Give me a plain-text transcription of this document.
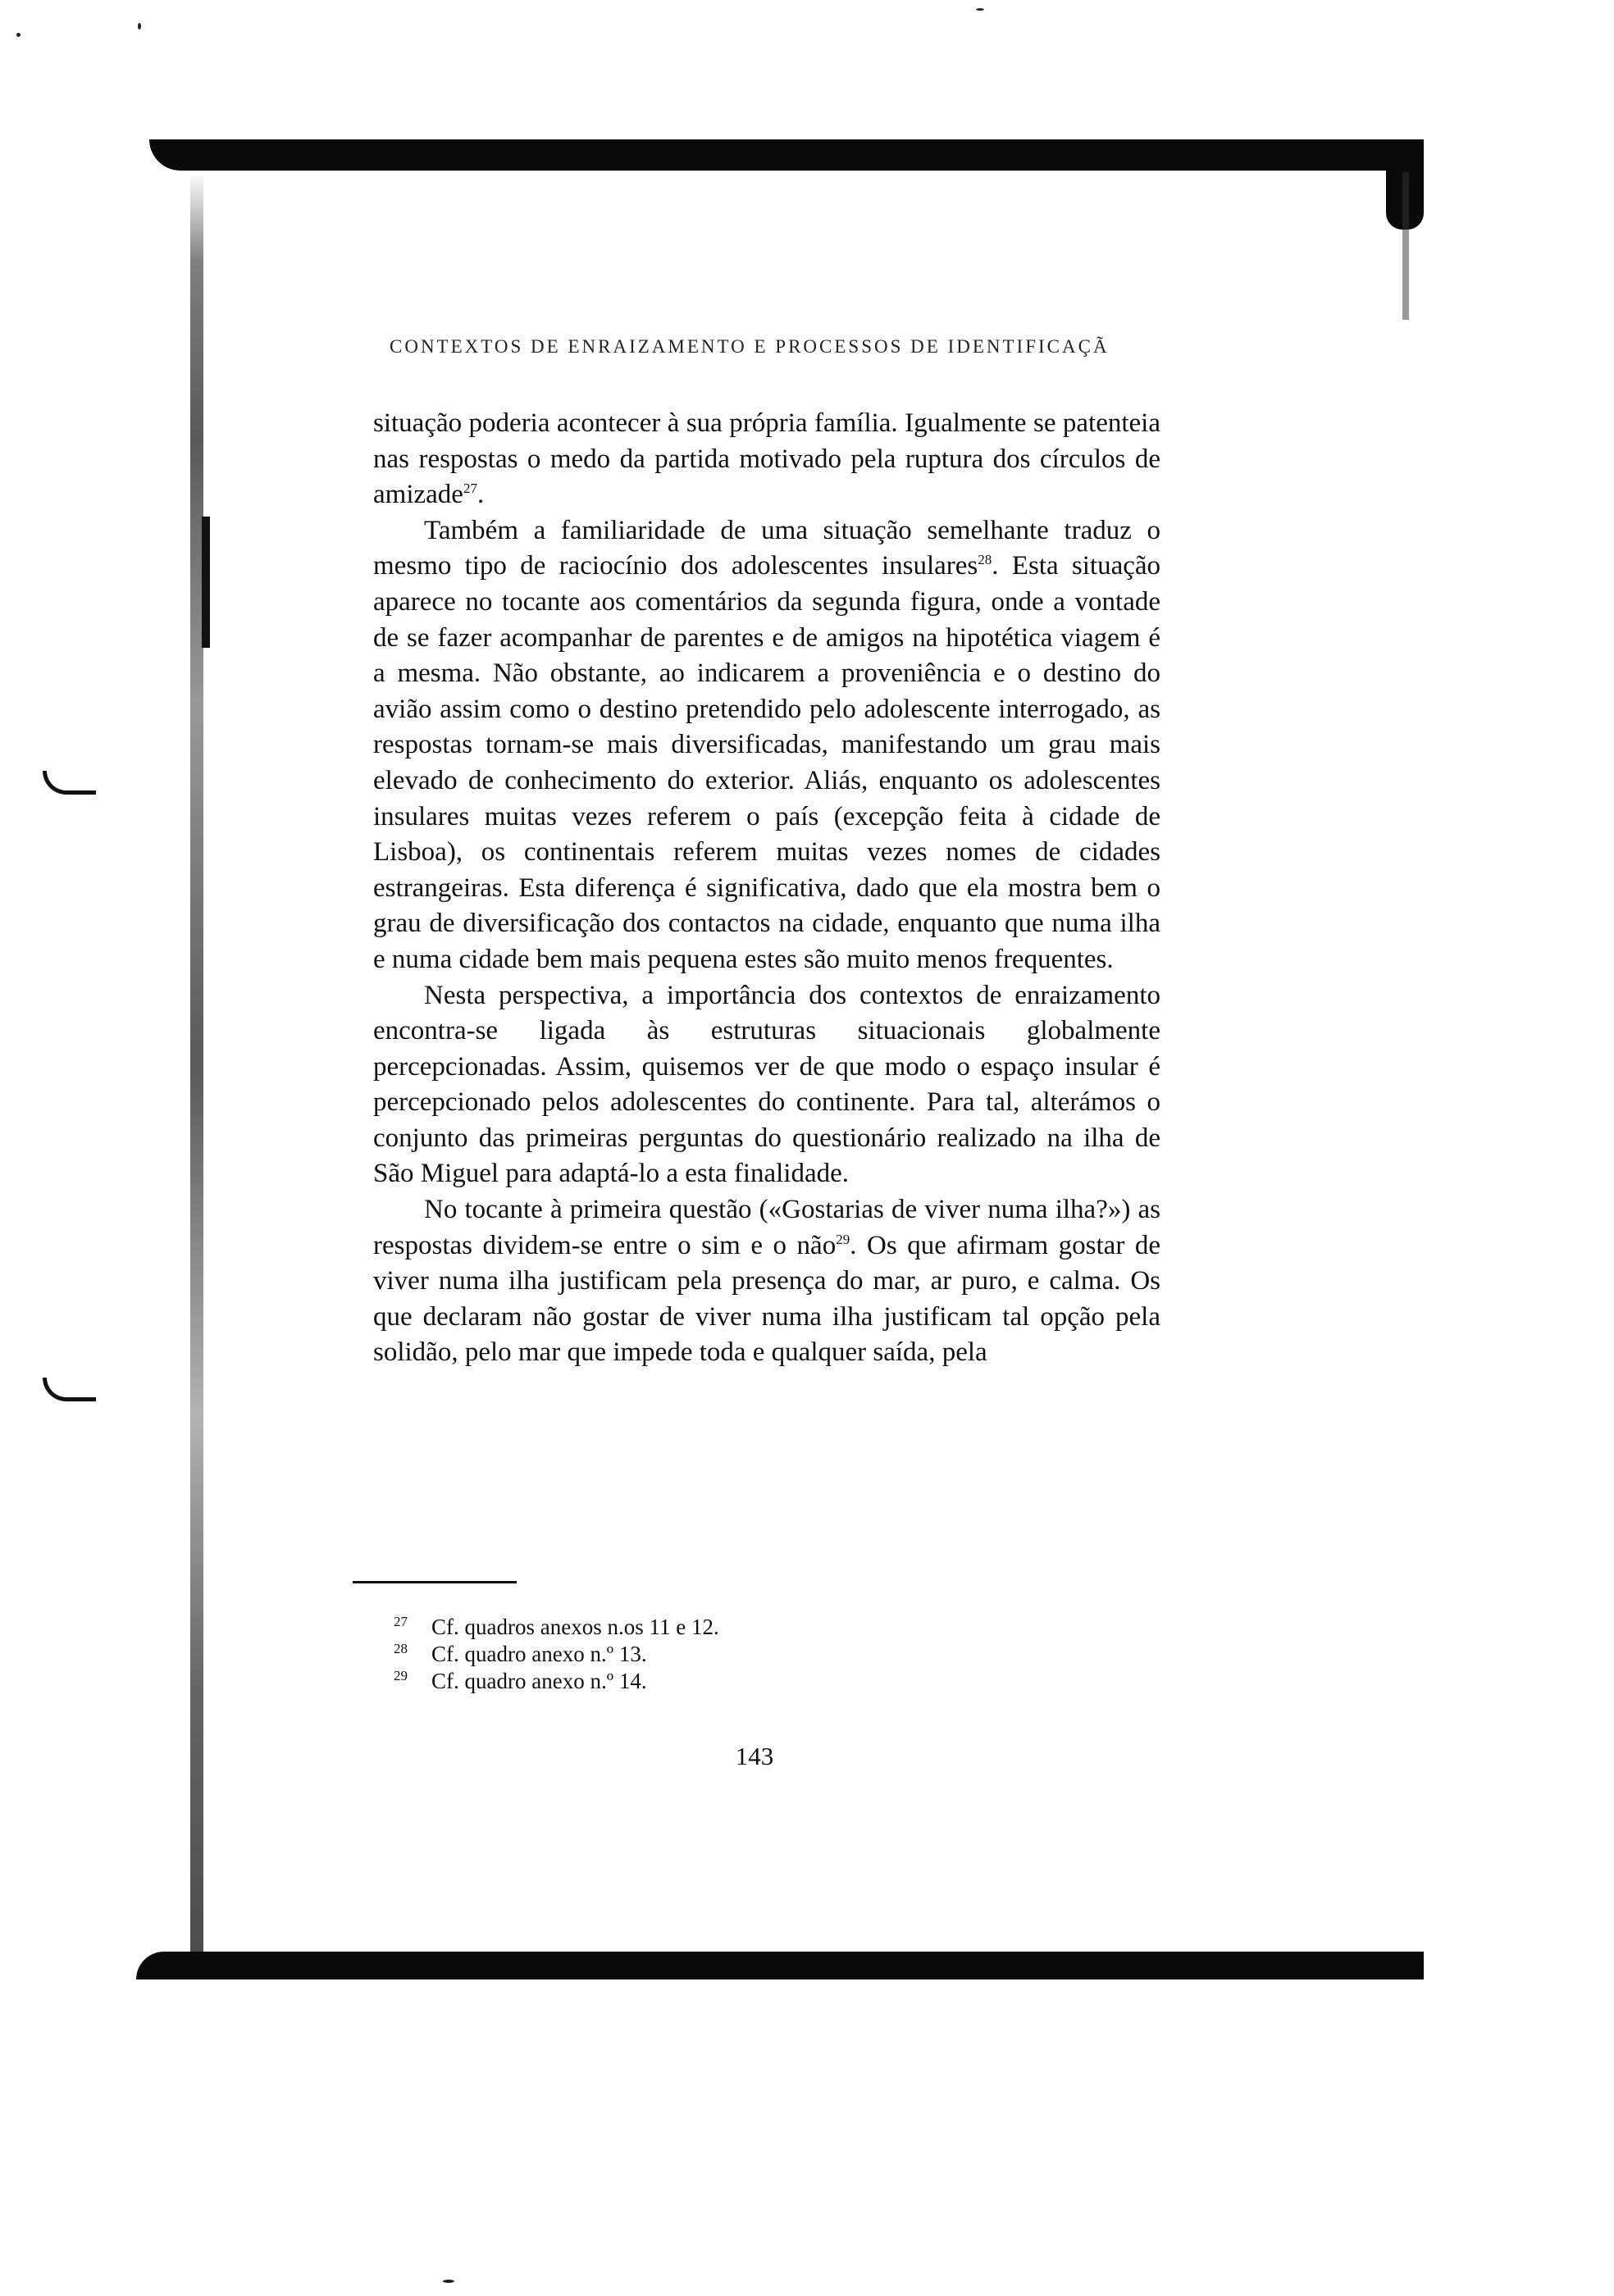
CONTEXTOS DE ENRAIZAMENTO E PROCESSOS DE IDENTIFICAÇÃ

situação poderia acontecer à sua própria família. Igualmente se patenteia nas respostas o medo da partida motivado pela ruptura dos círculos de amizade$^{27}$.

Também a familiaridade de uma situação semelhante traduz o mesmo tipo de raciocínio dos adolescentes insulares$^{28}$. Esta situação aparece no tocante aos comentários da segunda figura, onde a vontade de se fazer acompanhar de parentes e de amigos na hipotética viagem é a mesma. Não obstante, ao indicarem a proveniência e o destino do avião assim como o destino pretendido pelo adolescente interrogado, as respostas tornam-se mais diversificadas, manifestando um grau mais elevado de conhecimento do exterior. Aliás, enquanto os adolescentes insulares muitas vezes referem o país (excepção feita à cidade de Lisboa), os continentais referem muitas vezes nomes de cidades estrangeiras. Esta diferença é significativa, dado que ela mostra bem o grau de diversificação dos contactos na cidade, enquanto que numa ilha e numa cidade bem mais pequena estes são muito menos frequentes.

Nesta perspectiva, a importância dos contextos de enraizamento encontra-se ligada às estruturas situacionais globalmente percepcionadas. Assim, quisemos ver de que modo o espaço insular é percepcionado pelos adolescentes do continente. Para tal, alterámos o conjunto das primeiras perguntas do questionário realizado na ilha de São Miguel para adaptá-lo a esta finalidade.

No tocante à primeira questão («Gostarias de viver numa ilha?») as respostas dividem-se entre o sim e o não$^{29}$. Os que afirmam gostar de viver numa ilha justificam pela presença do mar, ar puro, e calma. Os que declaram não gostar de viver numa ilha justificam tal opção pela solidão, pelo mar que impede toda e qualquer saída, pela

27 Cf. quadros anexos n.os 11 e 12.

28 Cf. quadro anexo n.º 13.

29 Cf. quadro anexo n.º 14.

143
